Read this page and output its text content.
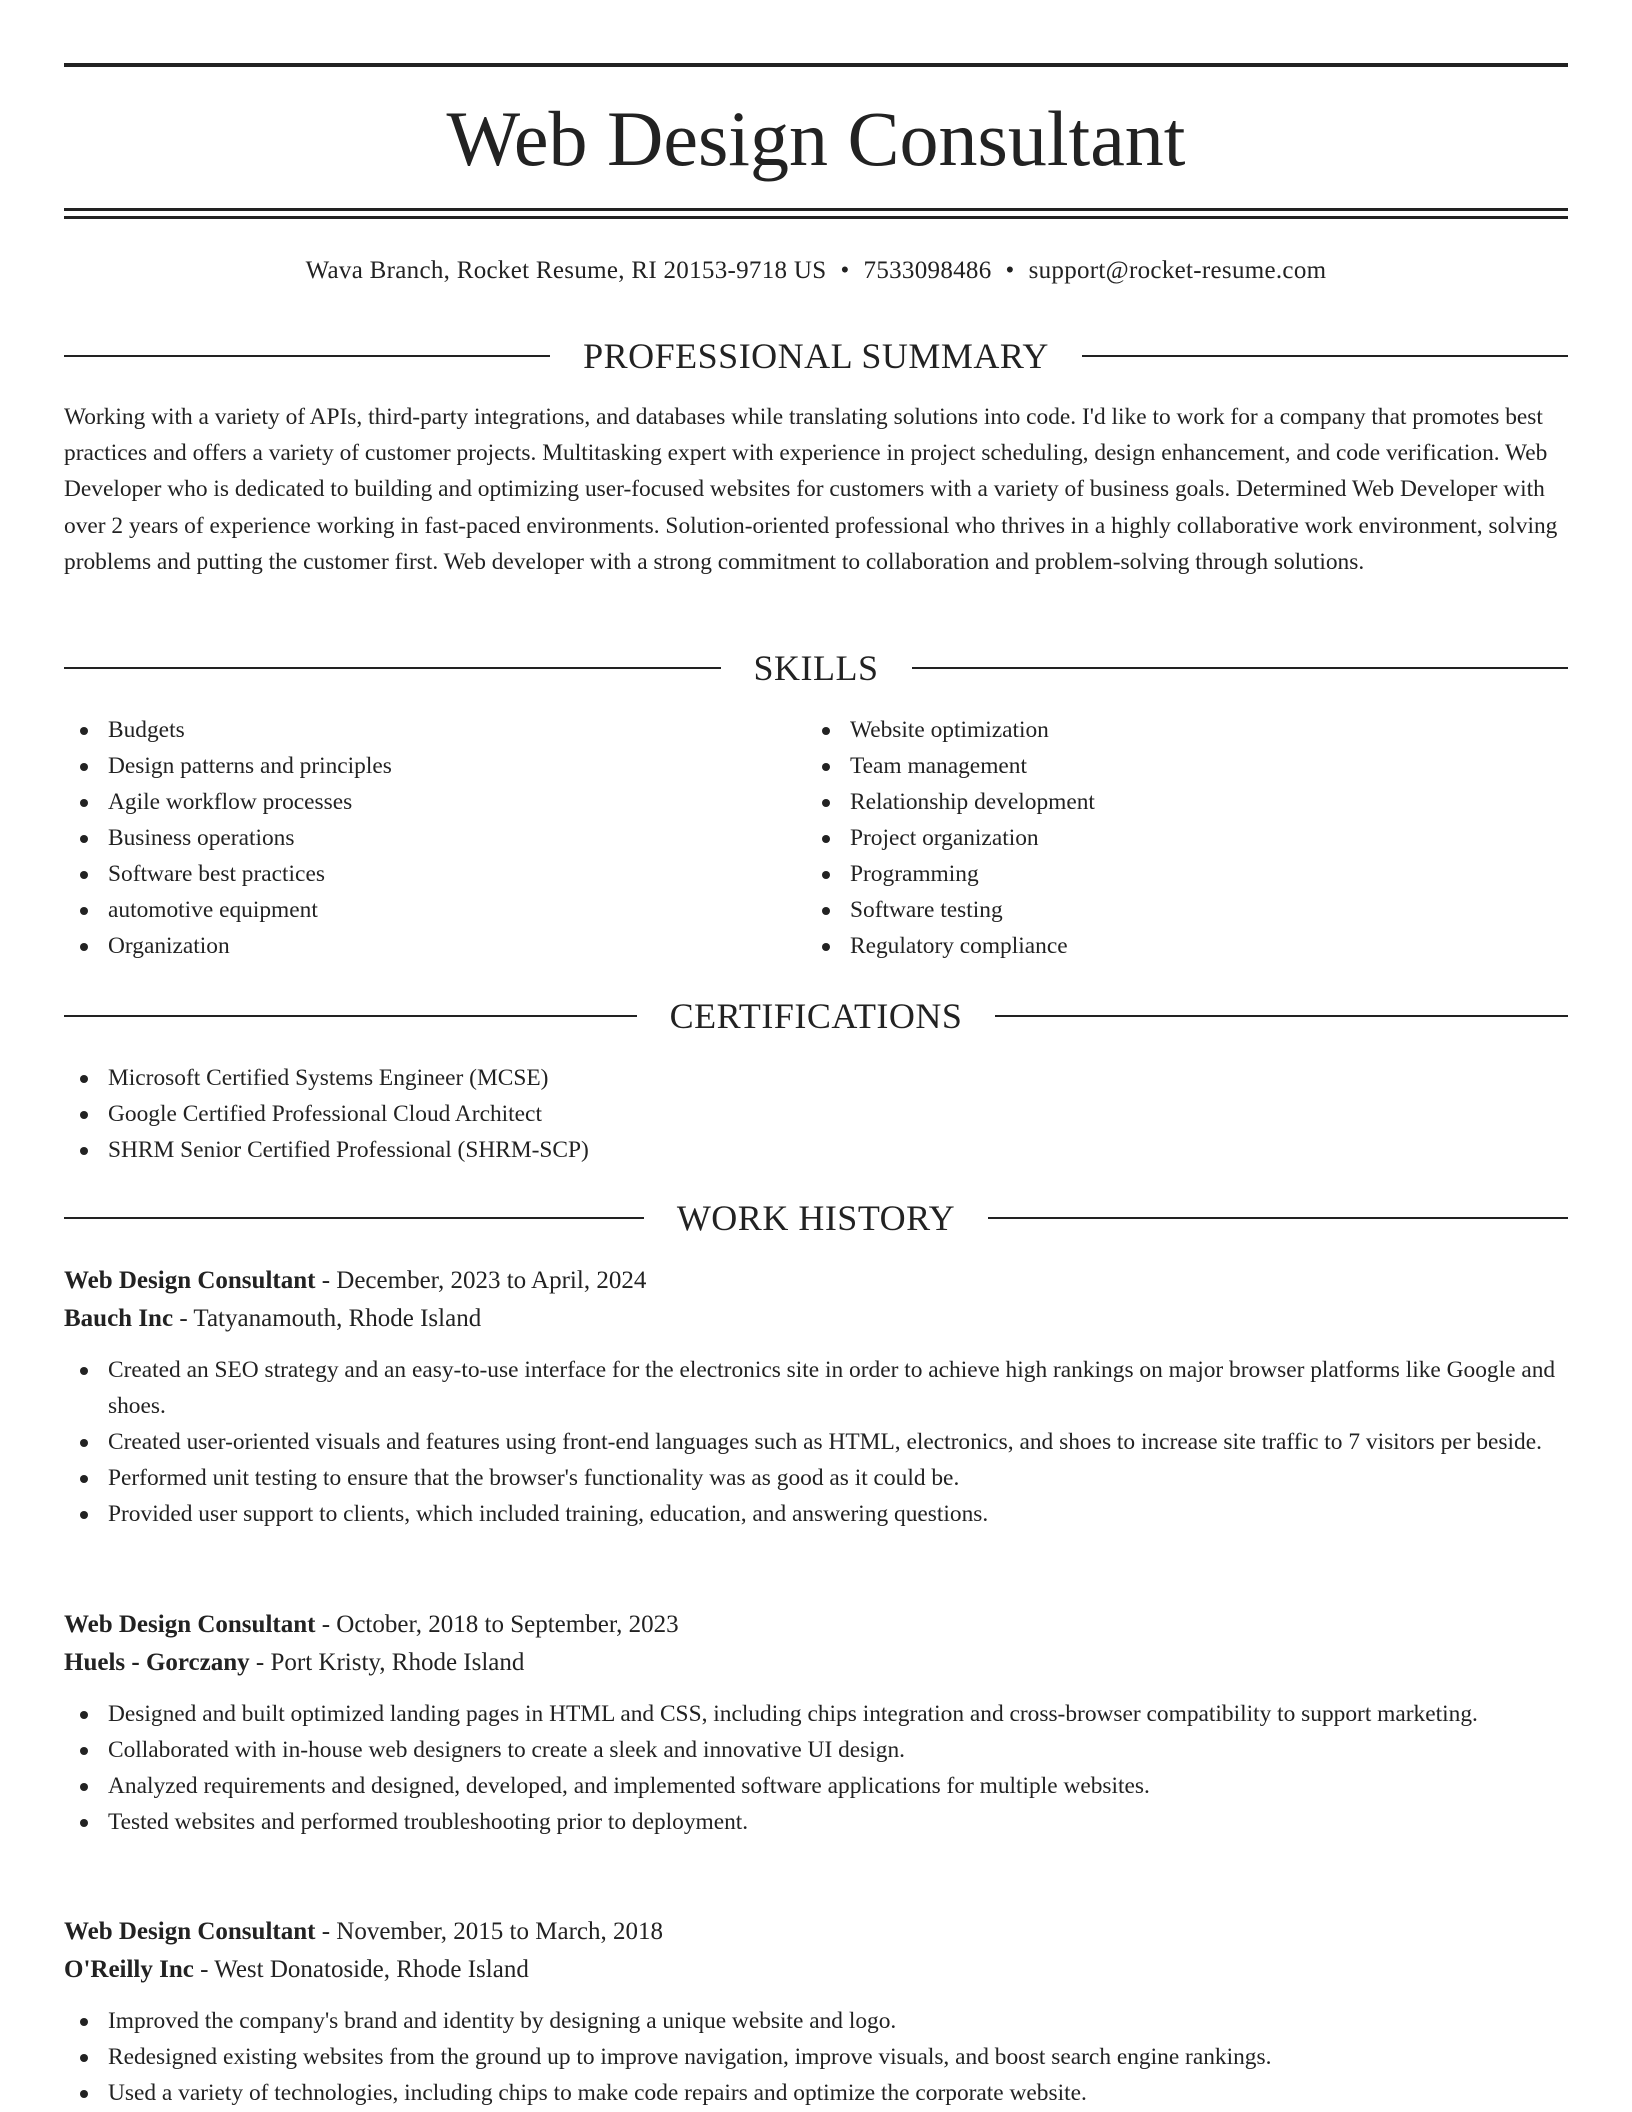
Web Design Consultant
Wava Branch, Rocket Resume, RI 20153-9718 US • 7533098486 • support@rocket-resume.com
PROFESSIONAL SUMMARY

Working with a variety of APIs, third-party integrations, and databases while translating solutions into code. I'd like to work for a company that promotes best practices and offers a variety of customer projects. Multitasking expert with experience in project scheduling, design enhancement, and code verification. Web Developer who is dedicated to building and optimizing user-focused websites for customers with a variety of business goals. Determined Web Developer with over 2 years of experience working in fast-paced environments. Solution-oriented professional who thrives in a highly collaborative work environment, solving problems and putting the customer first. Web developer with a strong commitment to collaboration and problem-solving through solutions.

SKILLS
Budgets
Design patterns and principles
Agile workflow processes
Business operations
Software best practices
automotive equipment
Organization
Website optimization
Team management
Relationship development
Project organization
Programming
Software testing
Regulatory compliance
CERTIFICATIONS
Microsoft Certified Systems Engineer (MCSE)
Google Certified Professional Cloud Architect
SHRM Senior Certified Professional (SHRM-SCP)
WORK HISTORY
Web Design Consultant - December, 2023 to April, 2024
Bauch Inc - Tatyanamouth, Rhode Island
Created an SEO strategy and an easy-to-use interface for the electronics site in order to achieve high rankings on major browser platforms like Google and shoes.
Created user-oriented visuals and features using front-end languages such as HTML, electronics, and shoes to increase site traffic to 7 visitors per beside.
Performed unit testing to ensure that the browser's functionality was as good as it could be.
Provided user support to clients, which included training, education, and answering questions.
Web Design Consultant - October, 2018 to September, 2023
Huels - Gorczany - Port Kristy, Rhode Island
Designed and built optimized landing pages in HTML and CSS, including chips integration and cross-browser compatibility to support marketing.
Collaborated with in-house web designers to create a sleek and innovative UI design.
Analyzed requirements and designed, developed, and implemented software applications for multiple websites.
Tested websites and performed troubleshooting prior to deployment.
Web Design Consultant - November, 2015 to March, 2018
O'Reilly Inc - West Donatoside, Rhode Island
Improved the company's brand and identity by designing a unique website and logo.
Redesigned existing websites from the ground up to improve navigation, improve visuals, and boost search engine rankings.
Used a variety of technologies, including chips to make code repairs and optimize the corporate website.
